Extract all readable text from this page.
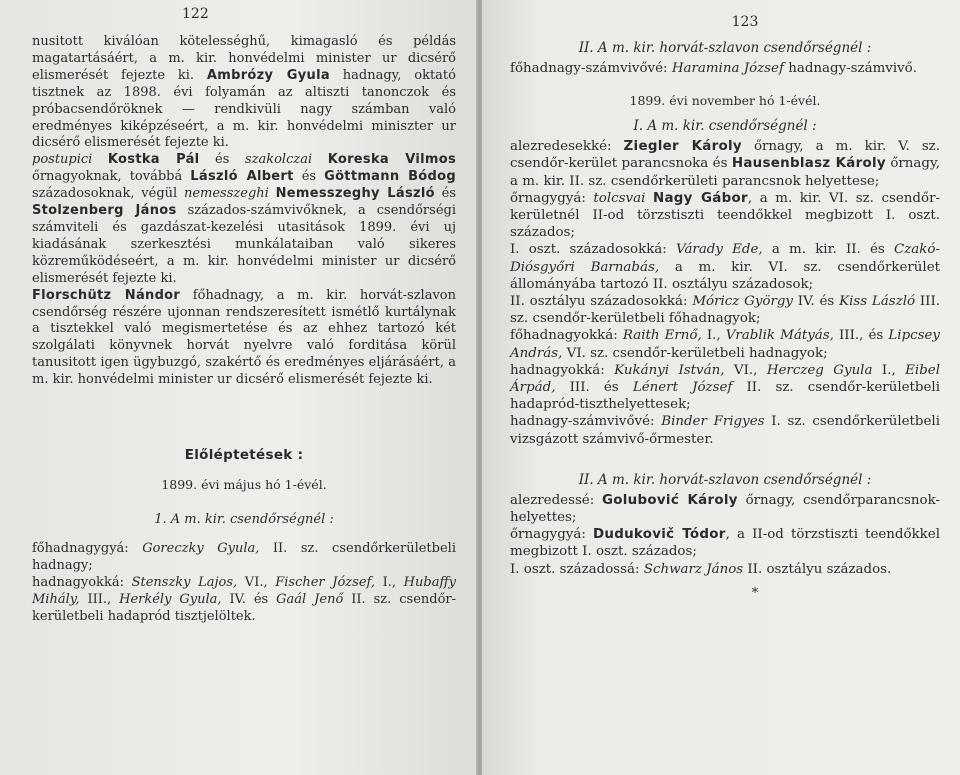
122

nusitott kiválóan kötelességhű, kimagasló és példás magatartásáért, a m. kir. honvédelmi minister ur dicsérő elismerését fejezte ki. Ambrózy Gyula hadnagy, oktató tisztnek az 1898. évi folyamán az altiszti tanonczok és próbacsendőröknek — rendkivüli nagy számban való eredményes kiképzéseért, a m. kir. honvédelmi miniszter ur dicsérő elismerését fejezte ki.

postupici Kostka Pál és szakolczai Koreska Vilmos őrnagyoknak, továbbá László Albert és Göttmann Bódog századosoknak, végül nemesszeghi Nemesszeghy László és Stolzenberg János százados-számvivőknek, a csendőrségi számviteli és gazdászat-kezelési utasitások 1899. évi uj kiadásának szerkesztési munkálataiban való sikeres közreműködéseért, a m. kir. honvédelmi minister ur dicsérő elismerését fejezte ki.

Florschütz Nándor főhadnagy, a m. kir. horvát-szlavon csendőrség részére ujonnan rendszeresített ismétlő kurtálynak a tisztekkel való megismertetése és az ehhez tartozó két szolgálati könyvnek horvát nyelvre való forditása körül tanusitott igen ügybuzgó, szakértő és eredményes eljárásáért, a m. kir. honvédelmi minister ur dicsérő elismerését fejezte ki.

Előléptetések :
1899. évi május hó 1-évél.
1. A m. kir. csendőrségnél :

főhadnagygyá: Goreczky Gyula, II. sz. csendőrkerületbeli hadnagy;

hadnagyokká: Stenszky Lajos, VI., Fischer József, I., Hubaffy Mihály, III., Herkély Gyula, IV. és Gaál Jenő II. sz. csendőr-kerületbeli hadapród tisztjelöltek.

123
II. A m. kir. horvát-szlavon csendőrségnél :

főhadnagy-számvivővé: Haramina József hadnagy-számvivő.

1899. évi november hó 1-évél.
I. A m. kir. csendőrségnél :

alezredesekké: Ziegler Károly őrnagy, a m. kir. V. sz. csendőr-kerület parancsnoka és Hausenblasz Károly őrnagy, a m. kir. II. sz. csendőrkerületi parancsnok helyettese;

őrnagygyá: tolcsvai Nagy Gábor, a m. kir. VI. sz. csendőr-kerületnél II-od törzstiszti teendőkkel megbizott I. oszt. százados;

I. oszt. századosokká: Várady Ede, a m. kir. II. és Czakó-Diósgyőri Barnabás, a m. kir. VI. sz. csendőrkerület állományába tartozó II. osztályu századosok;

II. osztályu századosokká: Móricz György IV. és Kiss László III. sz. csendőr-kerületbeli főhadnagyok;

főhadnagyokká: Raith Ernő, I., Vrablik Mátyás, III., és Lipcsey András, VI. sz. csendőr-kerületbeli hadnagyok;

hadnagyokká: Kukányi István, VI., Herczeg Gyula I., Eibel Árpád, III. és Lénert József II. sz. csendőr-kerületbeli hadapród-tiszthelyettesek;

hadnagy-számvivővé: Binder Frigyes I. sz. csendőrkerületbeli vizsgázott számvivő-őrmester.

II. A m. kir. horvát-szlavon csendőrségnél :

alezredessé: Golubović Károly őrnagy, csendőrparancsnok-helyettes;

őrnagygyá: Dudukovič Tódor, a II-od törzstiszti teendőkkel megbizott I. oszt. százados;

I. oszt. századossá: Schwarz János II. osztályu százados.

*
